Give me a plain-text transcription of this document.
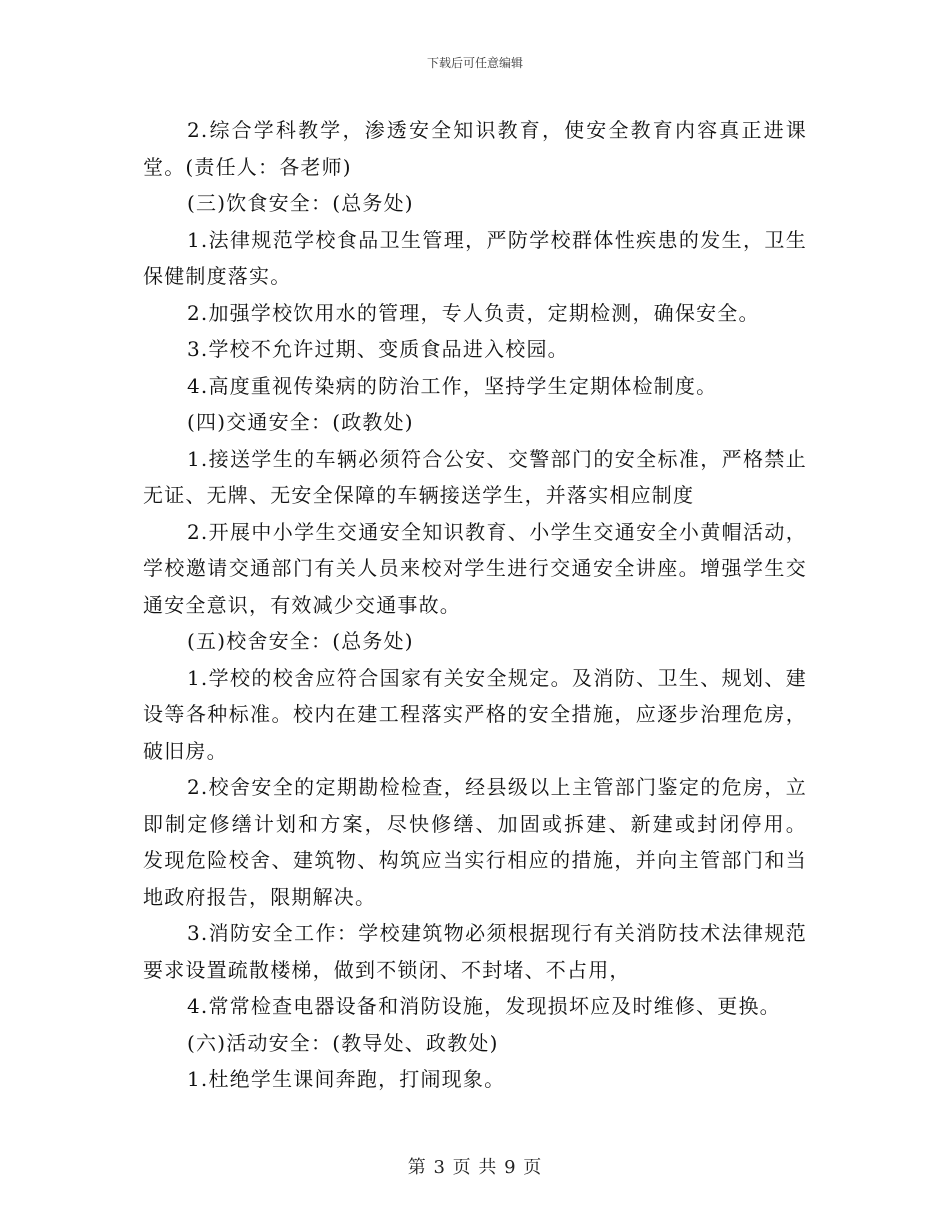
下载后可任意编辑

2.综合学科教学，渗透安全知识教育，使安全教育内容真正进课堂。(责任人：各老师)

(三)饮食安全：(总务处)

1.法律规范学校食品卫生管理，严防学校群体性疾患的发生，卫生保健制度落实。

2.加强学校饮用水的管理，专人负责，定期检测，确保安全。

3.学校不允许过期、变质食品进入校园。

4.高度重视传染病的防治工作，坚持学生定期体检制度。

(四)交通安全：(政教处)

1.接送学生的车辆必须符合公安、交警部门的安全标准，严格禁止无证、无牌、无安全保障的车辆接送学生，并落实相应制度

2.开展中小学生交通安全知识教育、小学生交通安全小黄帽活动，学校邀请交通部门有关人员来校对学生进行交通安全讲座。增强学生交通安全意识，有效减少交通事故。

(五)校舍安全：(总务处)

1.学校的校舍应符合国家有关安全规定。及消防、卫生、规划、建设等各种标准。校内在建工程落实严格的安全措施，应逐步治理危房，破旧房。

2.校舍安全的定期勘检检查，经县级以上主管部门鉴定的危房，立即制定修缮计划和方案，尽快修缮、加固或拆建、新建或封闭停用。 发现危险校舍、建筑物、构筑应当实行相应的措施，并向主管部门和当地政府报告，限期解决。

3.消防安全工作：学校建筑物必须根据现行有关消防技术法律规范要求设置疏散楼梯，做到不锁闭、不封堵、不占用，

4.常常检查电器设备和消防设施，发现损坏应及时维修、更换。

(六)活动安全：(教导处、政教处)

1.杜绝学生课间奔跑，打闹现象。

第 3 页 共 9 页
